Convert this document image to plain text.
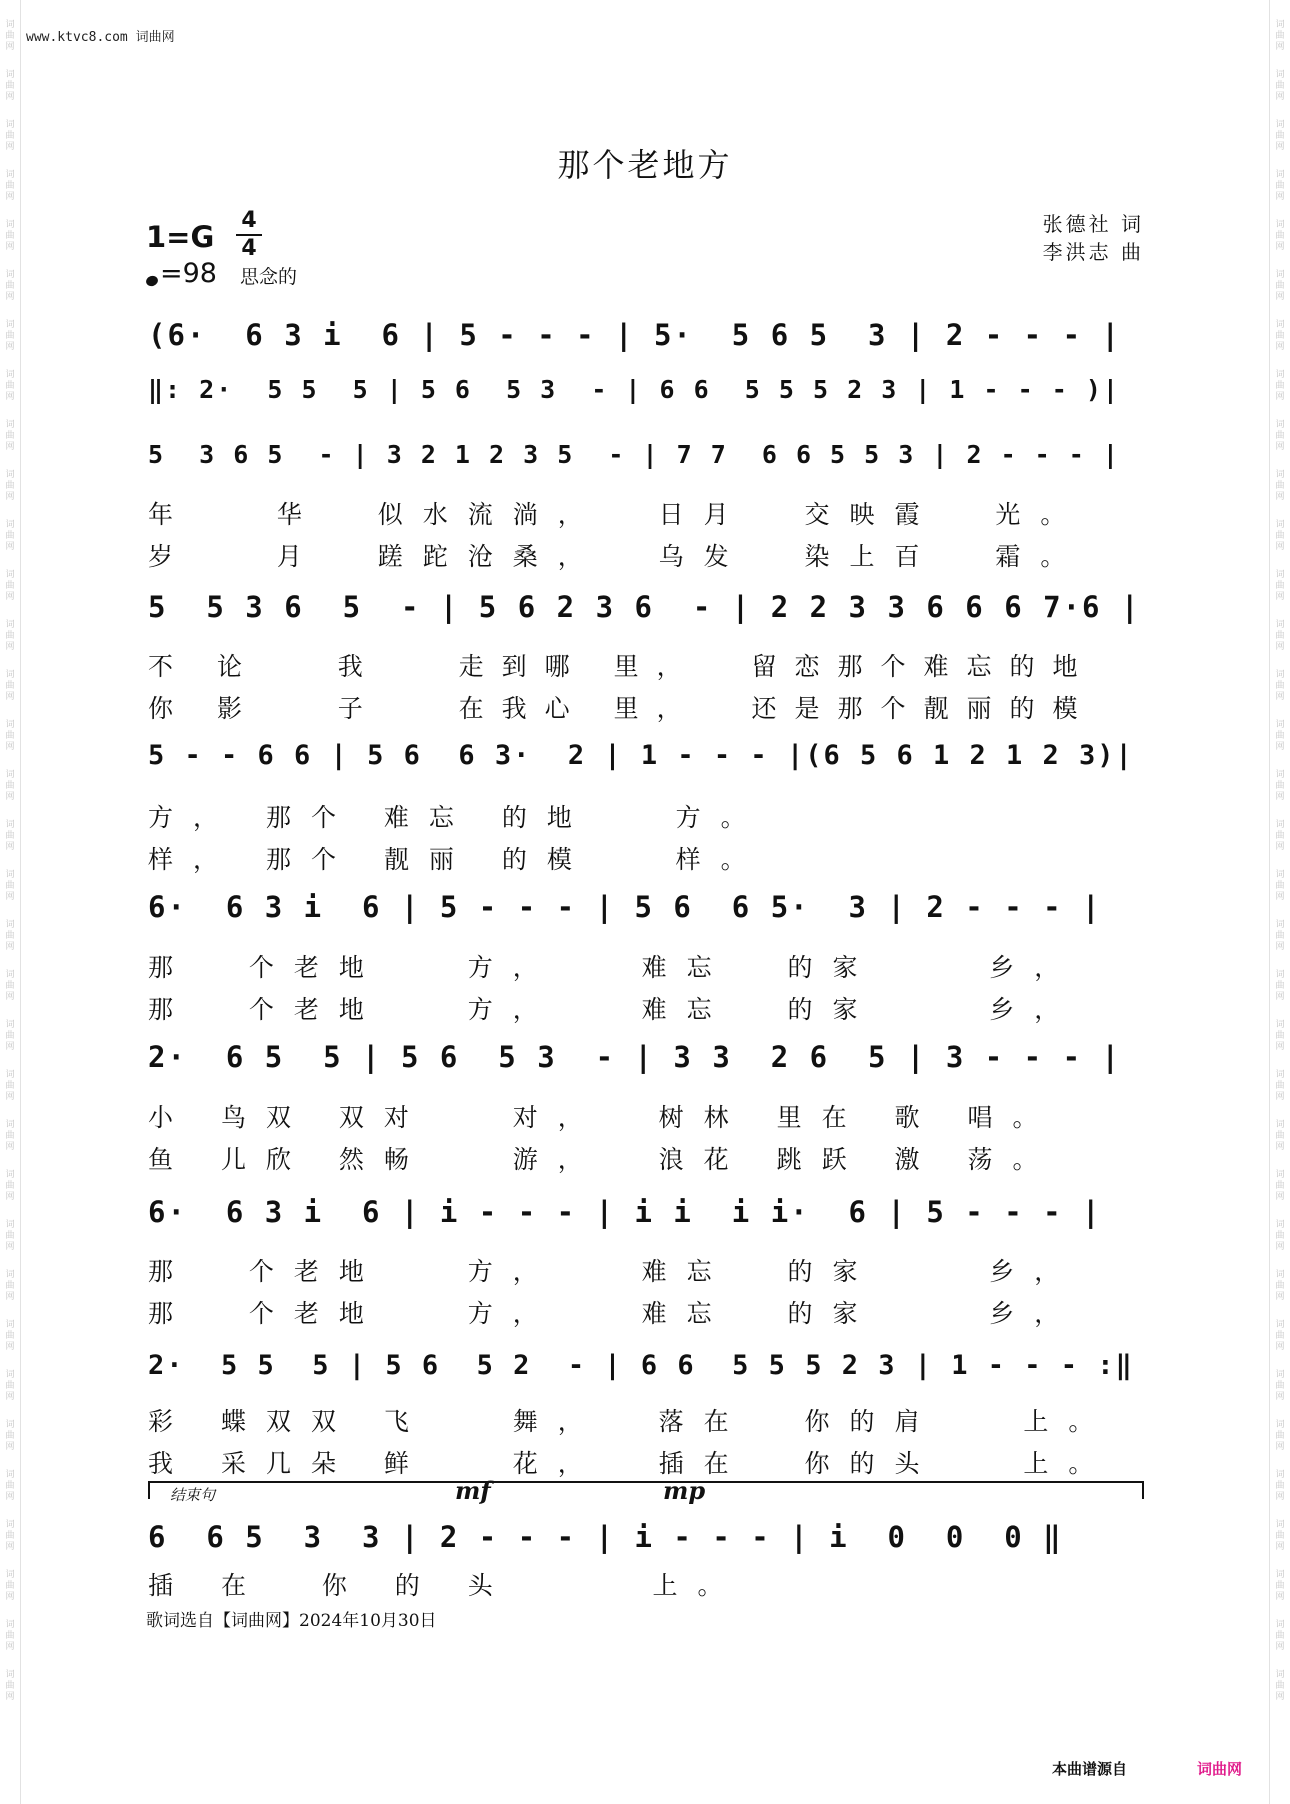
词曲网
词曲网
词曲网
词曲网
词曲网
词曲网
词曲网
词曲网
词曲网
词曲网
词曲网
词曲网
词曲网
词曲网
词曲网
词曲网
词曲网
词曲网
词曲网
词曲网
词曲网
词曲网
词曲网
词曲网
词曲网
词曲网
词曲网
词曲网
词曲网
词曲网
词曲网
词曲网
词曲网
词曲网
词曲网
词曲网
词曲网
词曲网
词曲网
词曲网
词曲网
词曲网
词曲网
词曲网
词曲网
词曲网
词曲网
词曲网
词曲网
词曲网
词曲网
词曲网
词曲网
词曲网
词曲网
词曲网
词曲网
词曲网
词曲网
词曲网
词曲网
词曲网
词曲网
词曲网
词曲网
词曲网
词曲网
词曲网
www.ktvc8.com 词曲网
那个老地方
1=G 4
4
=98 思念的
张德社 词
李洪志 曲
(6·  6 3 i  6 | 5 - - - | 5·  5 6 5  3 | 2 - - - |
‖: 2·  5 5  5 | 5 6  5 3  - | 6 6  5 5 5 2 3 | 1 - - - )|
5  3 6 5  - | 3 2 1 2 3 5  - | 7 7  6 6 5 5 3 | 2 - - - |
5  5 3 6  5  - | 5 6 2 3 6  - | 2 2 3 3 6 6 6 7·6 |
5 - - 6 6 | 5 6  6 3·  2 | 1 - - - |(6 5 6 1 2 1 2 3)|
6·  6 3 i  6 | 5 - - - | 5 6  6 5·  3 | 2 - - - |
2·  6 5  5 | 5 6  5 3  - | 3 3  2 6  5 | 3 - - - |
6·  6 3 i  6 | i - - - | i i  i i·  6 | 5 - - - |
2·  5 5  5 | 5 6  5 2  - | 6 6  5 5 5 2 3 | 1 - - - :‖
6  6 5  3  3 | 2 - - - | i - - - | i  0  0  0 ‖
结束句	mf	mp
歌词选自【词曲网】2024年10月30日
本曲谱源自	词曲网
年   华  似水流淌，  日月  交映霞  光。
岁   月  蹉跎沧桑，  乌发  染上百  霜。
不 论   我   走到哪 里，  留恋那个难忘的地
你 影   子   在我心 里，  还是那个靓丽的模
方， 那个 难忘 的地   方。
样， 那个 靓丽 的模   样。
那  个老地   方，   难忘  的家    乡，
那  个老地   方，   难忘  的家    乡，
小 鸟双 双对   对，  树林 里在 歌 唱。
鱼 儿欣 然畅   游，  浪花 跳跃 激 荡。
那  个老地   方，   难忘  的家    乡，
那  个老地   方，   难忘  的家    乡，
彩 蝶双双 飞   舞，  落在  你的肩   上。
我 采几朵 鲜   花，  插在  你的头   上。
插 在  你 的 头     上。
